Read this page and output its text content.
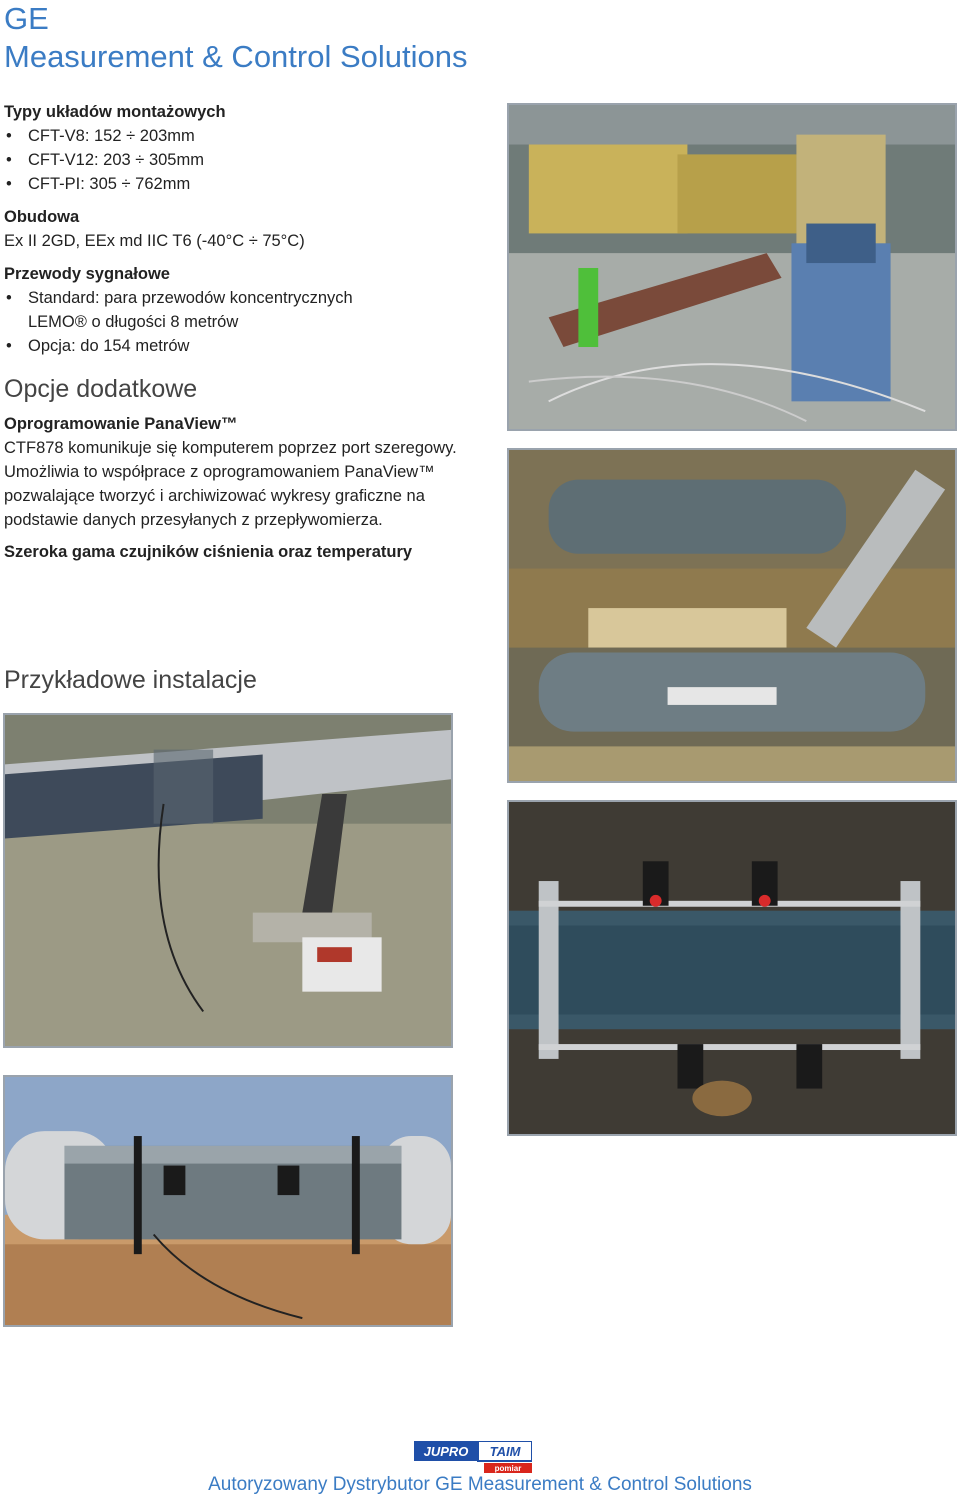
GE
Measurement & Control Solutions
Typy układów montażowych
• CFT-V8: 152 ÷ 203mm
• CFT-V12: 203 ÷ 305mm
• CFT-PI: 305 ÷ 762mm
Obudowa
Ex II 2GD, EEx md IIC T6 (-40°C ÷ 75°C)
Przewody sygnałowe
• Standard: para przewodów koncentrycznych LEMO® o długości 8 metrów
• Opcja: do 154 metrów
Opcje dodatkowe
Oprogramowanie PanaView™

CTF878 komunikuje się komputerem poprzez port szeregowy. Umożliwia to współprace z oprogramowaniem PanaView™ pozwalające tworzyć i archiwizować wykresy graficzne na podstawie danych przesyłanych z przepływomierza.

Szeroka gama czujników ciśnienia oraz temperatury
Przykładowe instalacje
JUPRO TAIM
pomiar
Autoryzowany Dystrybutor GE Measurement & Control Solutions
